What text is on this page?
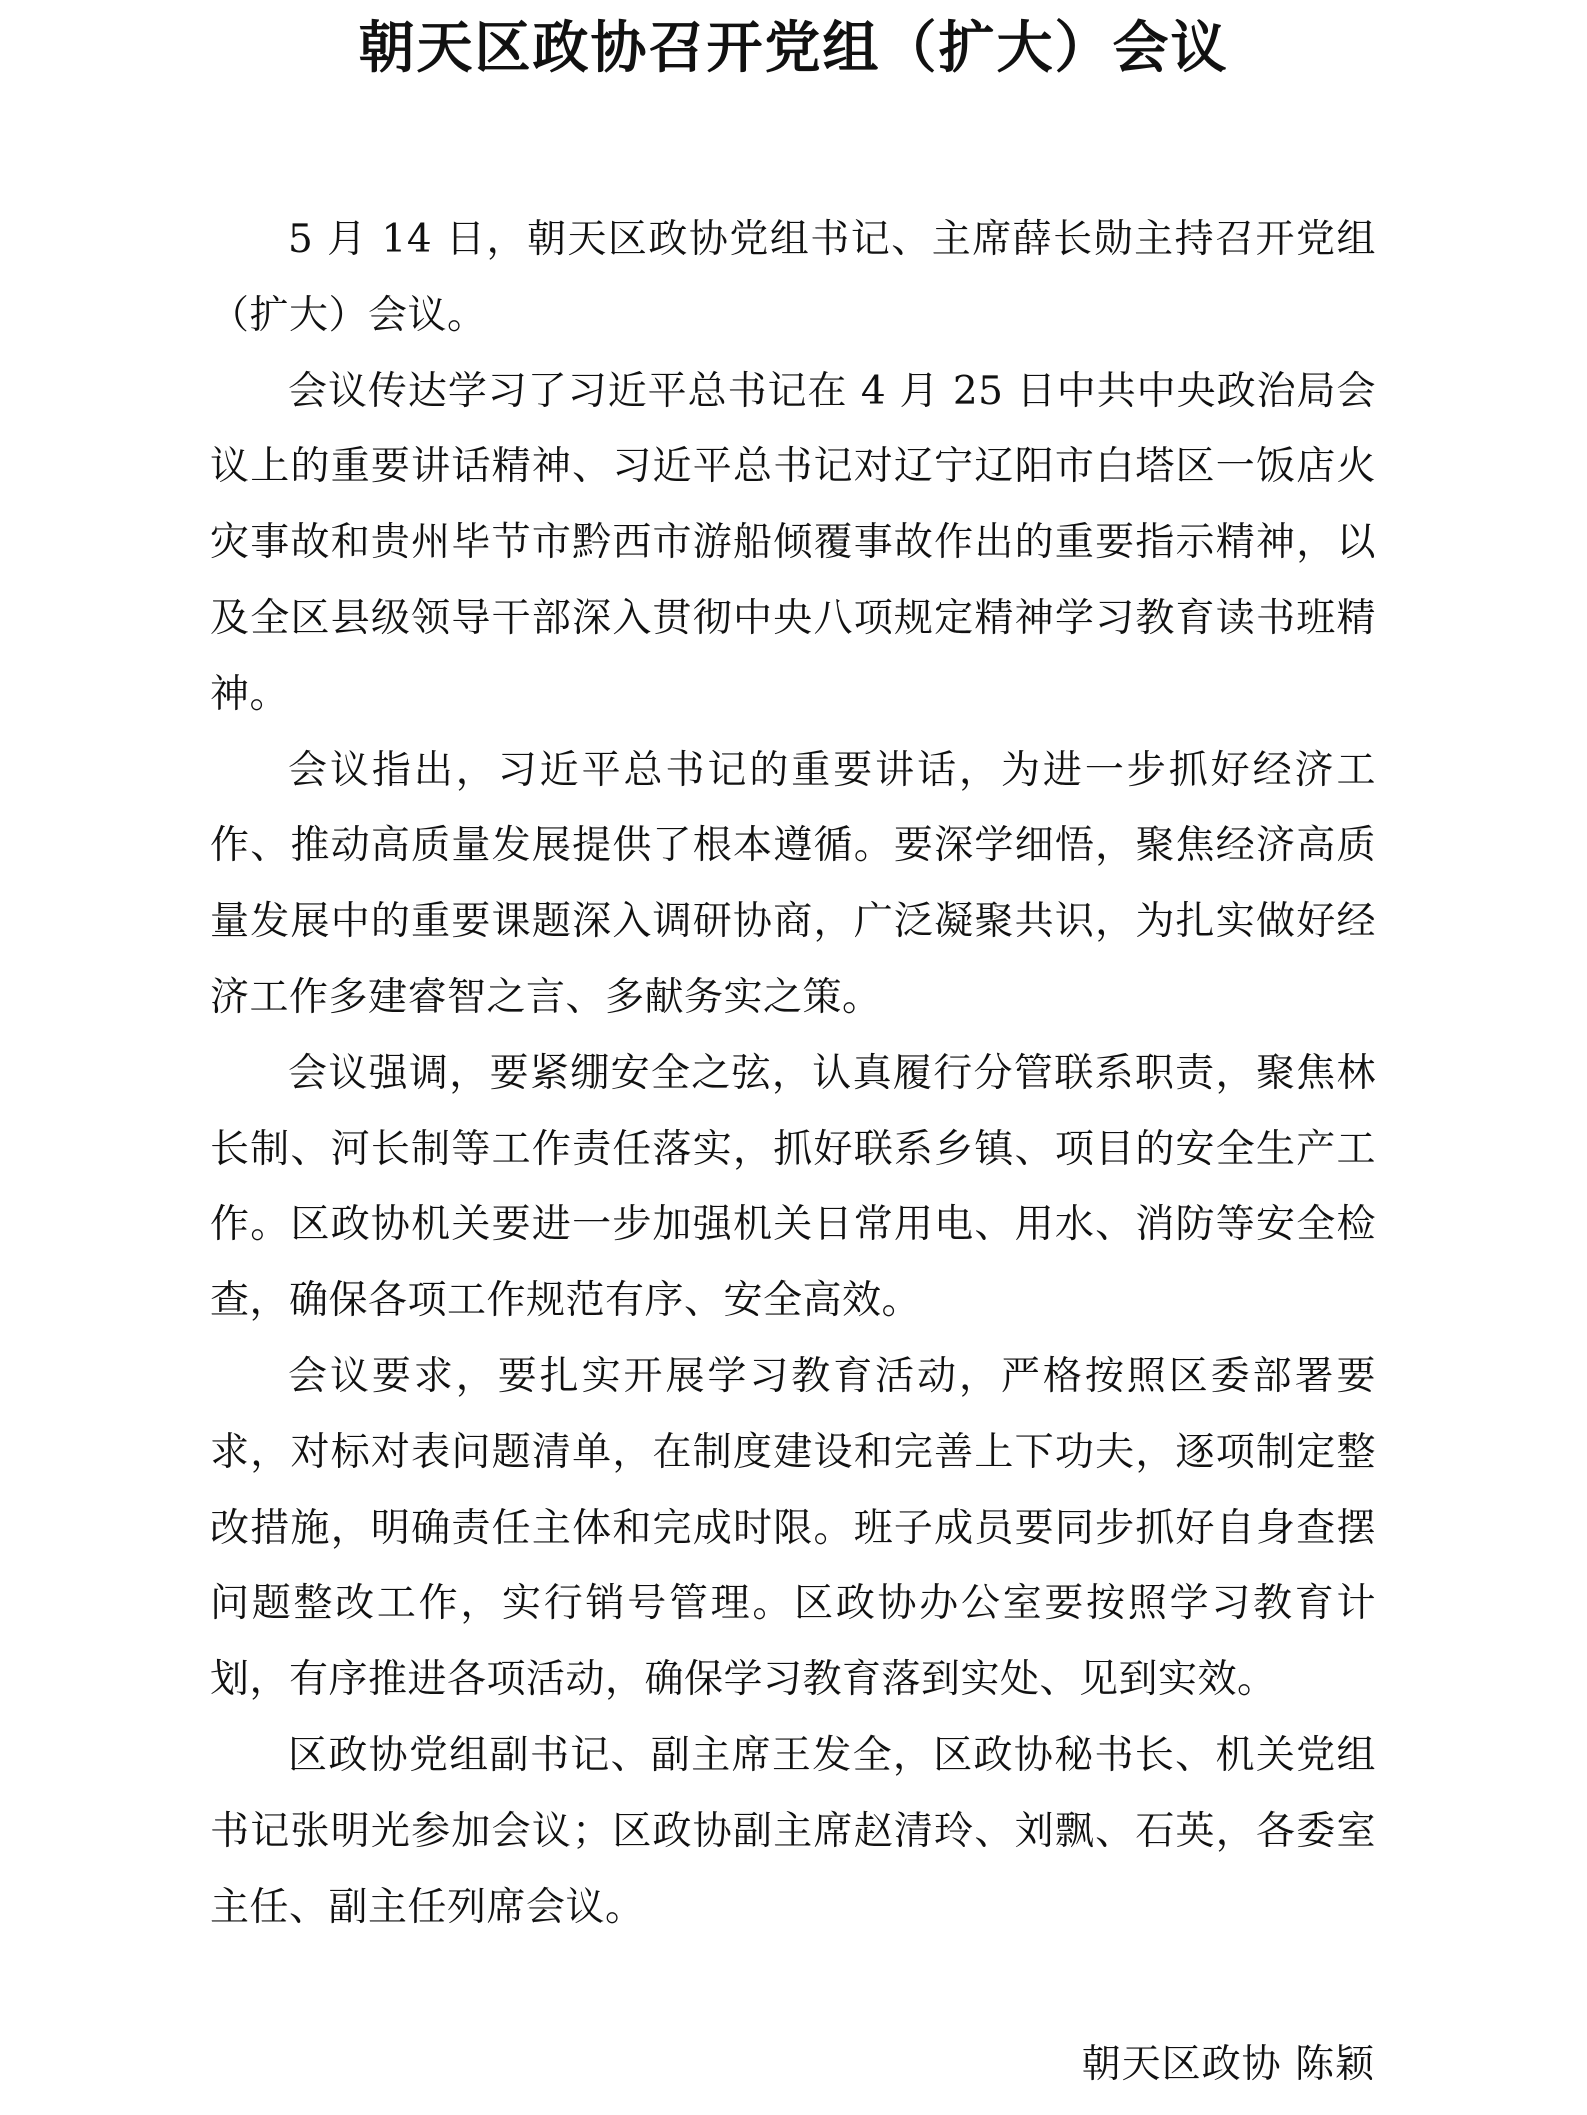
朝天区政协召开党组（扩大）会议

5 月 14 日，朝天区政协党组书记、主席薛长勋主持召开党组（扩大）会议。

会议传达学习了习近平总书记在 4 月 25 日中共中央政治局会议上的重要讲话精神、习近平总书记对辽宁辽阳市白塔区一饭店火灾事故和贵州毕节市黔西市游船倾覆事故作出的重要指示精神，以及全区县级领导干部深入贯彻中央八项规定精神学习教育读书班精神。

会议指出，习近平总书记的重要讲话，为进一步抓好经济工作、推动高质量发展提供了根本遵循。要深学细悟，聚焦经济高质量发展中的重要课题深入调研协商，广泛凝聚共识，为扎实做好经济工作多建睿智之言、多献务实之策。

会议强调，要紧绷安全之弦，认真履行分管联系职责，聚焦林长制、河长制等工作责任落实，抓好联系乡镇、项目的安全生产工作。区政协机关要进一步加强机关日常用电、用水、消防等安全检查，确保各项工作规范有序、安全高效。

会议要求，要扎实开展学习教育活动，严格按照区委部署要求，对标对表问题清单，在制度建设和完善上下功夫，逐项制定整改措施，明确责任主体和完成时限。班子成员要同步抓好自身查摆问题整改工作，实行销号管理。区政协办公室要按照学习教育计划，有序推进各项活动，确保学习教育落到实处、见到实效。

区政协党组副书记、副主席王发全，区政协秘书长、机关党组书记张明光参加会议；区政协副主席赵清玲、刘飘、石英，各委室主任、副主任列席会议。

朝天区政协 陈颖
